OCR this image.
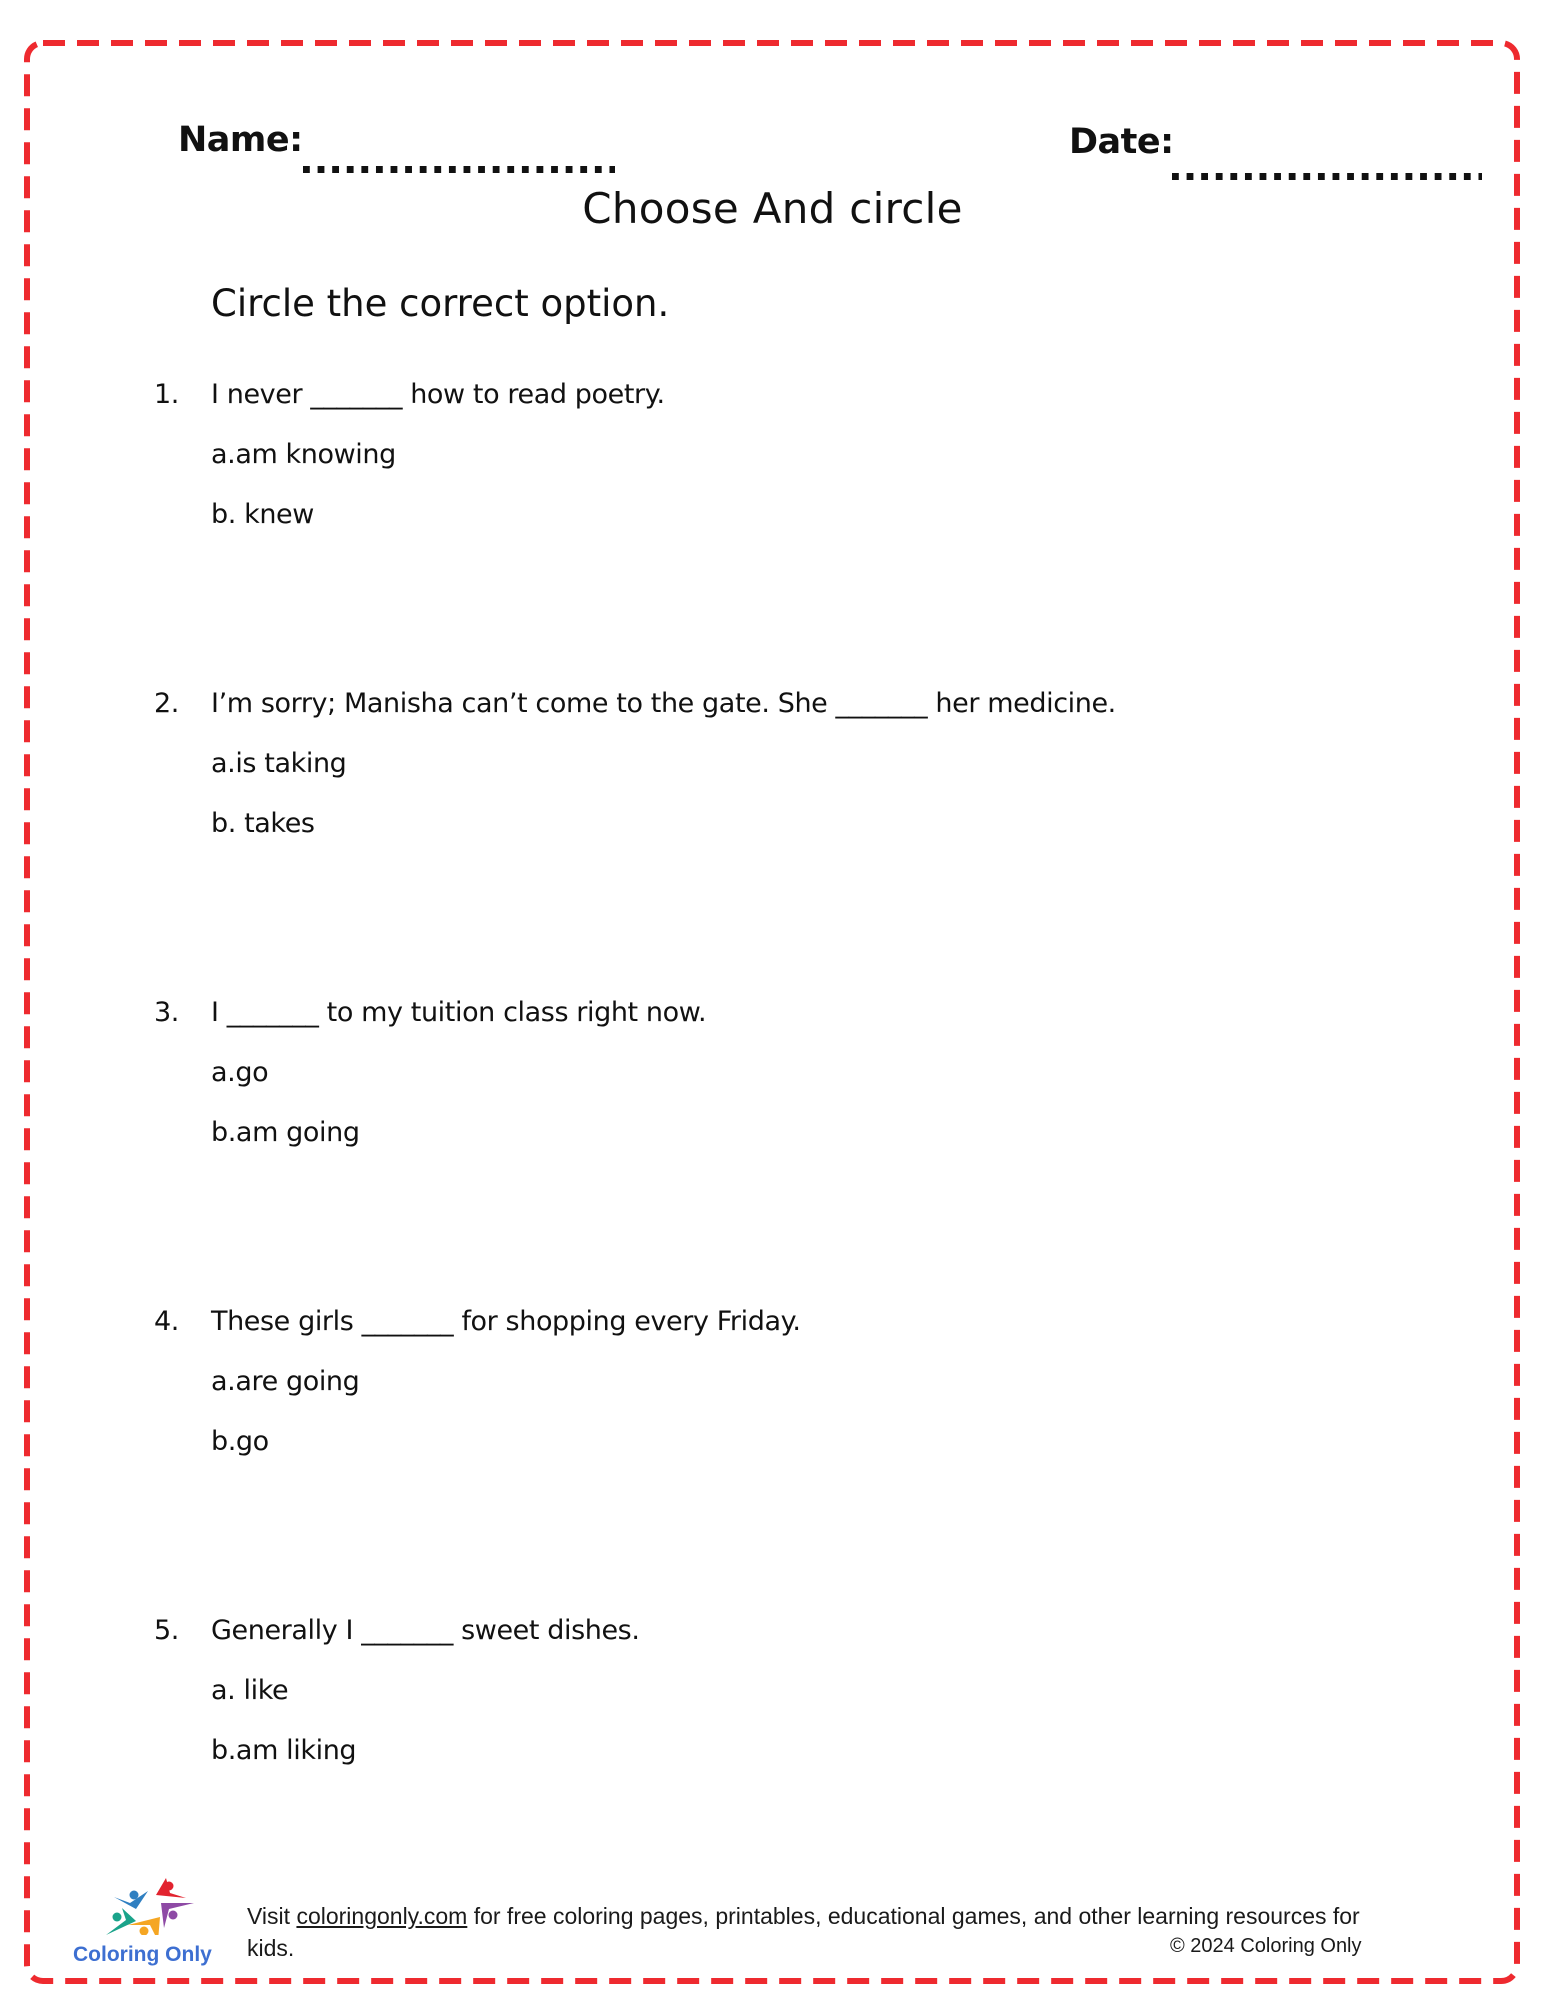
Name:	Date:
Choose And circle
Circle the correct option.
1. I never _______ how to read poetry.
a.am knowing
b. knew
2. I’m sorry; Manisha can’t come to the gate. She _______ her medicine.
a.is taking
b. takes
3. I _______ to my tuition class right now.
a.go
b.am going
4. These girls _______ for shopping every Friday.
a.are going
b.go
5. Generally I _______ sweet dishes.
a. like
b.am liking
Coloring Only
Visit coloringonly.com for free coloring pages, printables, educational games, and other learning resources for
kids.	© 2024 Coloring Only
